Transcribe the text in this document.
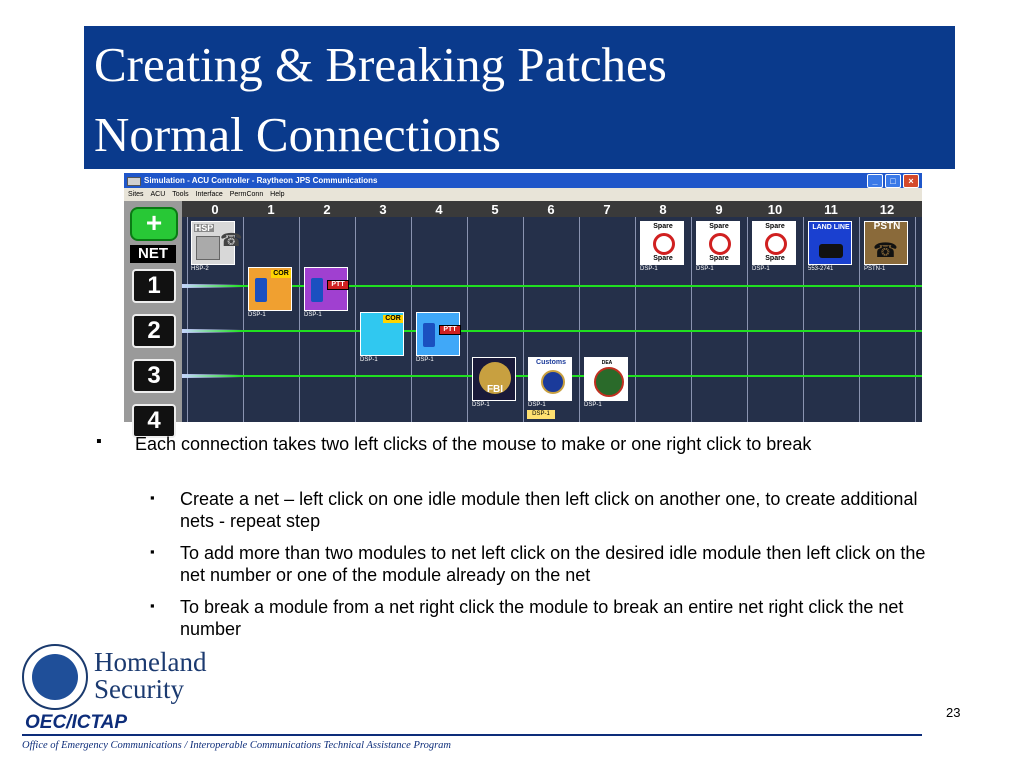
Creating & Breaking Patches
Normal Connections
Simulation - ACU Controller - Raytheon JPS Communications	_	□	×
Sites ACU Tools Interface PermConn Help
+
NET
1
2
3
4
0	1	2	3	4	5	6	7	8	9	10	11	12
HSP
☎
HSP-2
COR
DSP-1
PTT
DSP-1	COR
DSP-1
PTT
DSP-1
FBI
DSP-1
Customs
DSP-1
DSP-1
DEA
DSP-1
Spare
Spare
DSP-1
Spare
Spare
DSP-1
Spare
Spare
DSP-1
LAND LINE
553-2741
PSTN
☎
PSTN-1
▪ Each connection takes two left clicks of the mouse to make or one right click to break
▪ Create a net – left click on one idle module then left click on another one, to create additional nets - repeat step
▪ To add more than two modules to net left click on the desired idle module then left click on the net number or one of the module already on the net
▪ To break a module from a net right click the module to break an entire net right click the net number
Homeland
Security
OEC/ICTAP
Office of Emergency Communications / Interoperable Communications Technical Assistance Program
23
